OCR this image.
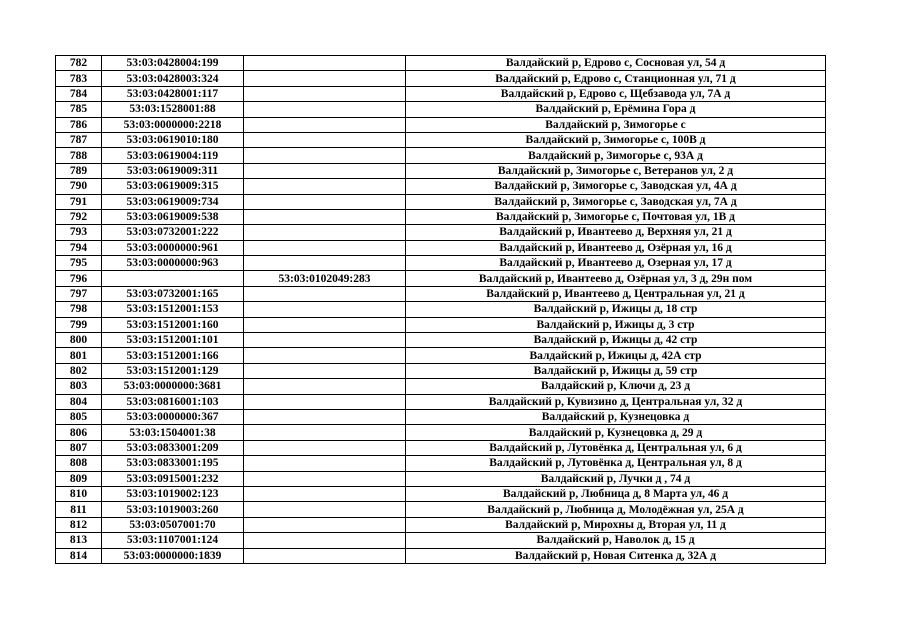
782	53:03:0428004:199		Валдайский р, Едрово с, Сосновая ул, 54 д
783	53:03:0428003:324		Валдайский р, Едрово с, Станционная ул, 71 д
784	53:03:0428001:117		Валдайский р, Едрово с, Щебзавода ул, 7А д
785	53:03:1528001:88		Валдайский р, Ерёмина Гора д
786	53:03:0000000:2218		Валдайский р, Зимогорье с
787	53:03:0619010:180		Валдайский р, Зимогорье с, 100В д
788	53:03:0619004:119		Валдайский р, Зимогорье с, 93А д
789	53:03:0619009:311		Валдайский р, Зимогорье с, Ветеранов ул, 2 д
790	53:03:0619009:315		Валдайский р, Зимогорье с, Заводская ул, 4А д
791	53:03:0619009:734		Валдайский р, Зимогорье с, Заводская ул, 7А д
792	53:03:0619009:538		Валдайский р, Зимогорье с, Почтовая ул, 1В д
793	53:03:0732001:222		Валдайский р, Ивантеево д, Верхняя ул, 21 д
794	53:03:0000000:961		Валдайский р, Ивантеево д, Озёрная ул, 16 д
795	53:03:0000000:963		Валдайский р, Ивантеево д, Озерная ул, 17 д
796		53:03:0102049:283	Валдайский р, Ивантеево д, Озёрная ул, 3 д, 29н пом
797	53:03:0732001:165		Валдайский р, Ивантеево д, Центральная ул, 21 д
798	53:03:1512001:153		Валдайский р, Ижицы д, 18 стр
799	53:03:1512001:160		Валдайский р, Ижицы д, 3 стр
800	53:03:1512001:101		Валдайский р, Ижицы д, 42 стр
801	53:03:1512001:166		Валдайский р, Ижицы д, 42А стр
802	53:03:1512001:129		Валдайский р, Ижицы д, 59 стр
803	53:03:0000000:3681		Валдайский р, Ключи д, 23 д
804	53:03:0816001:103		Валдайский р, Кувизино д, Центральная ул, 32 д
805	53:03:0000000:367		Валдайский р, Кузнецовка д
806	53:03:1504001:38		Валдайский р, Кузнецовка д, 29 д
807	53:03:0833001:209		Валдайский р, Лутовёнка д, Центральная ул, 6 д
808	53:03:0833001:195		Валдайский р, Лутовёнка д, Центральная ул, 8 д
809	53:03:0915001:232		Валдайский р, Лучки д , 74 д
810	53:03:1019002:123		Валдайский р, Любница д, 8 Марта ул, 46 д
811	53:03:1019003:260		Валдайский р, Любница д, Молодёжная ул, 25А д
812	53:03:0507001:70		Валдайский р, Мирохны д, Вторая ул, 11 д
813	53:03:1107001:124		Валдайский р, Наволок д, 15 д
814	53:03:0000000:1839		Валдайский р, Новая Ситенка д, 32А д
